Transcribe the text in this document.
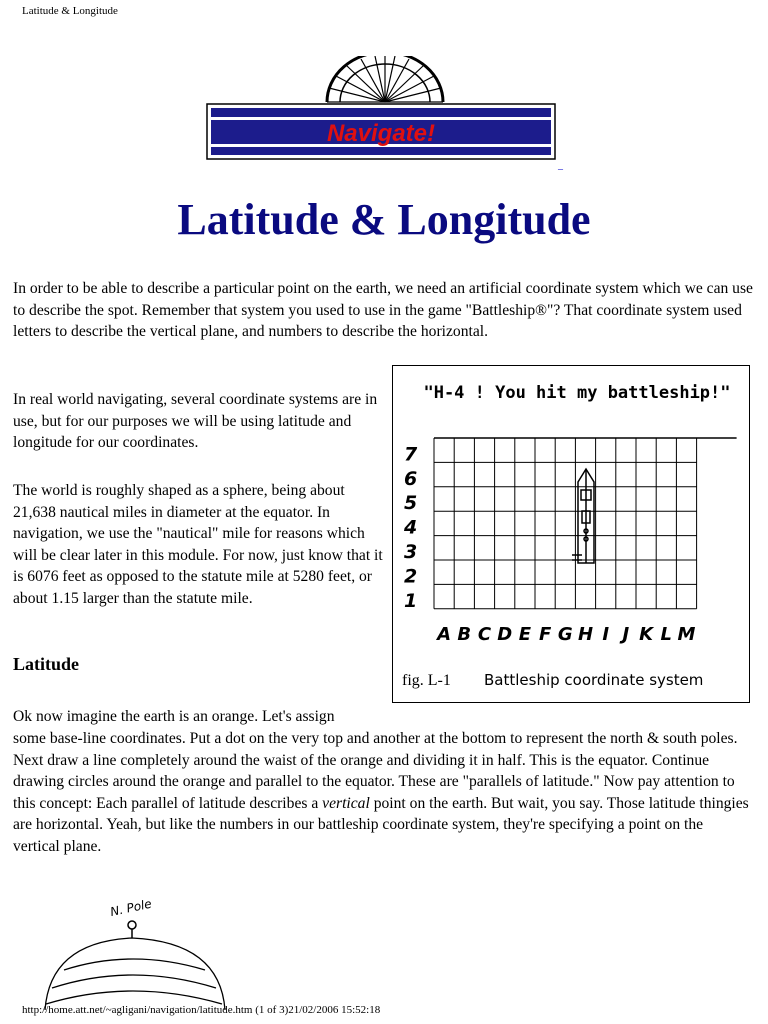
Latitude & Longitude
Navigate!
_
Latitude & Longitude

In order to be able to describe a particular point on the earth, we need an artificial coordinate system which we can use to describe the spot. Remember that system you used to use in the game "Battleship®"? That coordinate system used letters to describe the vertical plane, and numbers to describe the horizontal.

In real world navigating, several coordinate systems are in use, but for our purposes we will be using latitude and longitude for our coordinates.

The world is roughly shaped as a sphere, being about 21,638 nautical miles in diameter at the equator. In navigation, we use the "nautical" mile for reasons which will be clear later in this module. For now, just know that it is 6076 feet as opposed to the statute mile at 5280 feet, or about 1.15 larger than the statute mile.

Latitude

Ok now imagine the earth is an orange. Let's assign

some base-line coordinates. Put a dot on the very top and another at the bottom to represent the north & south poles. Next draw a line completely around the waist of the orange and dividing it in half. This is the equator. Continue drawing circles around the orange and parallel to the equator. These are "parallels of latitude." Now pay attention to this concept: Each parallel of latitude describes a vertical point on the earth. But wait, you say. Those latitude thingies are horizontal. Yeah, but like the numbers in our battleship coordinate system, they're specifying a point on the vertical plane.

"H-4 ! You hit my battleship!"
1
2
3
4
5
6
7
A B C D E F G H I J K L M
fig. L-1 Battleship coordinate system
N. Pole
http://home.att.net/~agligani/navigation/latitude.htm (1 of 3)21/02/2006 15:52:18
